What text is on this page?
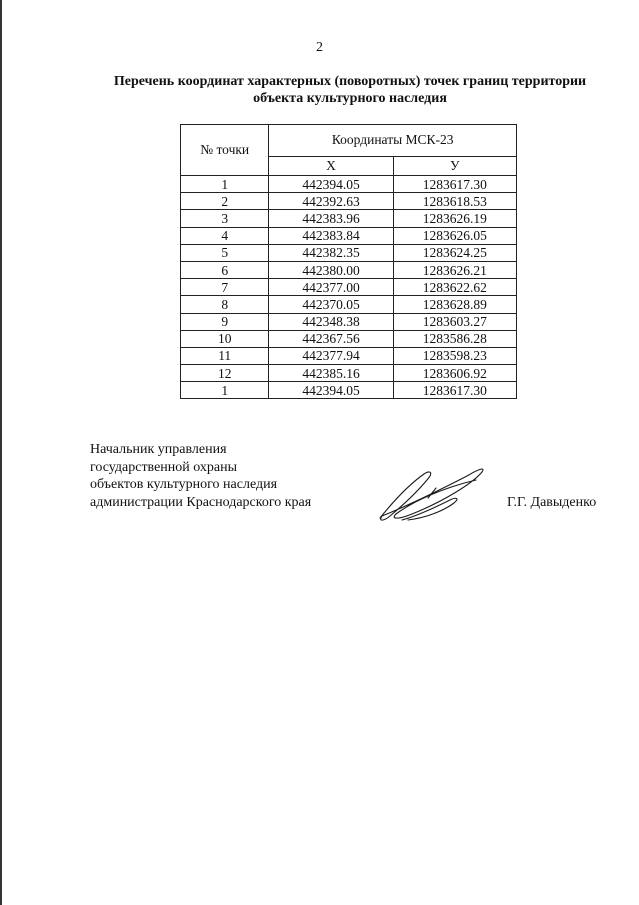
2
Перечень координат характерных (поворотных) точек границ территории
объекта культурного наследия
№ точки	Координаты МСК-23	
	X	У
1	442394.05	1283617.30
2	442392.63	1283618.53
3	442383.96	1283626.19
4	442383.84	1283626.05
5	442382.35	1283624.25
6	442380.00	1283626.21
7	442377.00	1283622.62
8	442370.05	1283628.89
9	442348.38	1283603.27
10	442367.56	1283586.28
11	442377.94	1283598.23
12	442385.16	1283606.92
1	442394.05	1283617.30
Начальник управления
государственной охраны
объектов культурного наследия
администрации Краснодарского края	Г.Г. Давыденко
